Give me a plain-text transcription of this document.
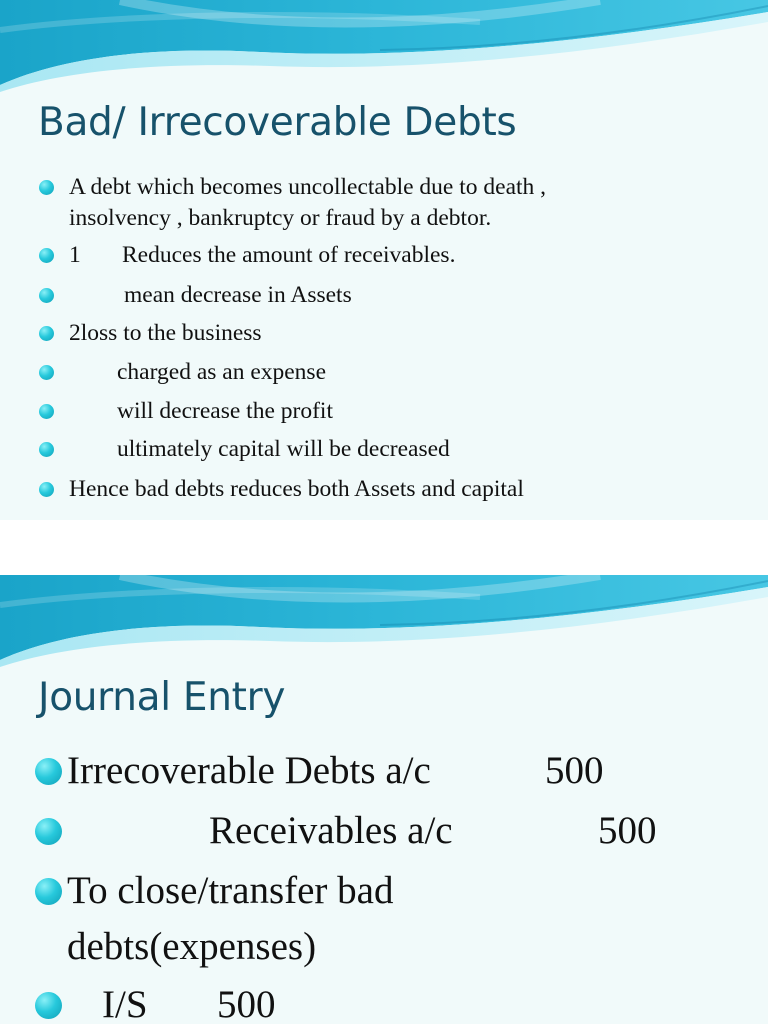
Bad/ Irrecoverable Debts
A debt which becomes uncollectable due to death ,
insolvency , bankruptcy or fraud by a debtor.
1 Reduces the amount of receivables.
mean decrease in Assets
2loss to the business
charged as an expense
will decrease the profit
ultimately capital will be decreased
Hence bad debts reduces both Assets and capital
Journal Entry
Irrecoverable Debts a/c	500
Receivables a/c	500
To close/transfer bad
debts(expenses)
I/S 500
